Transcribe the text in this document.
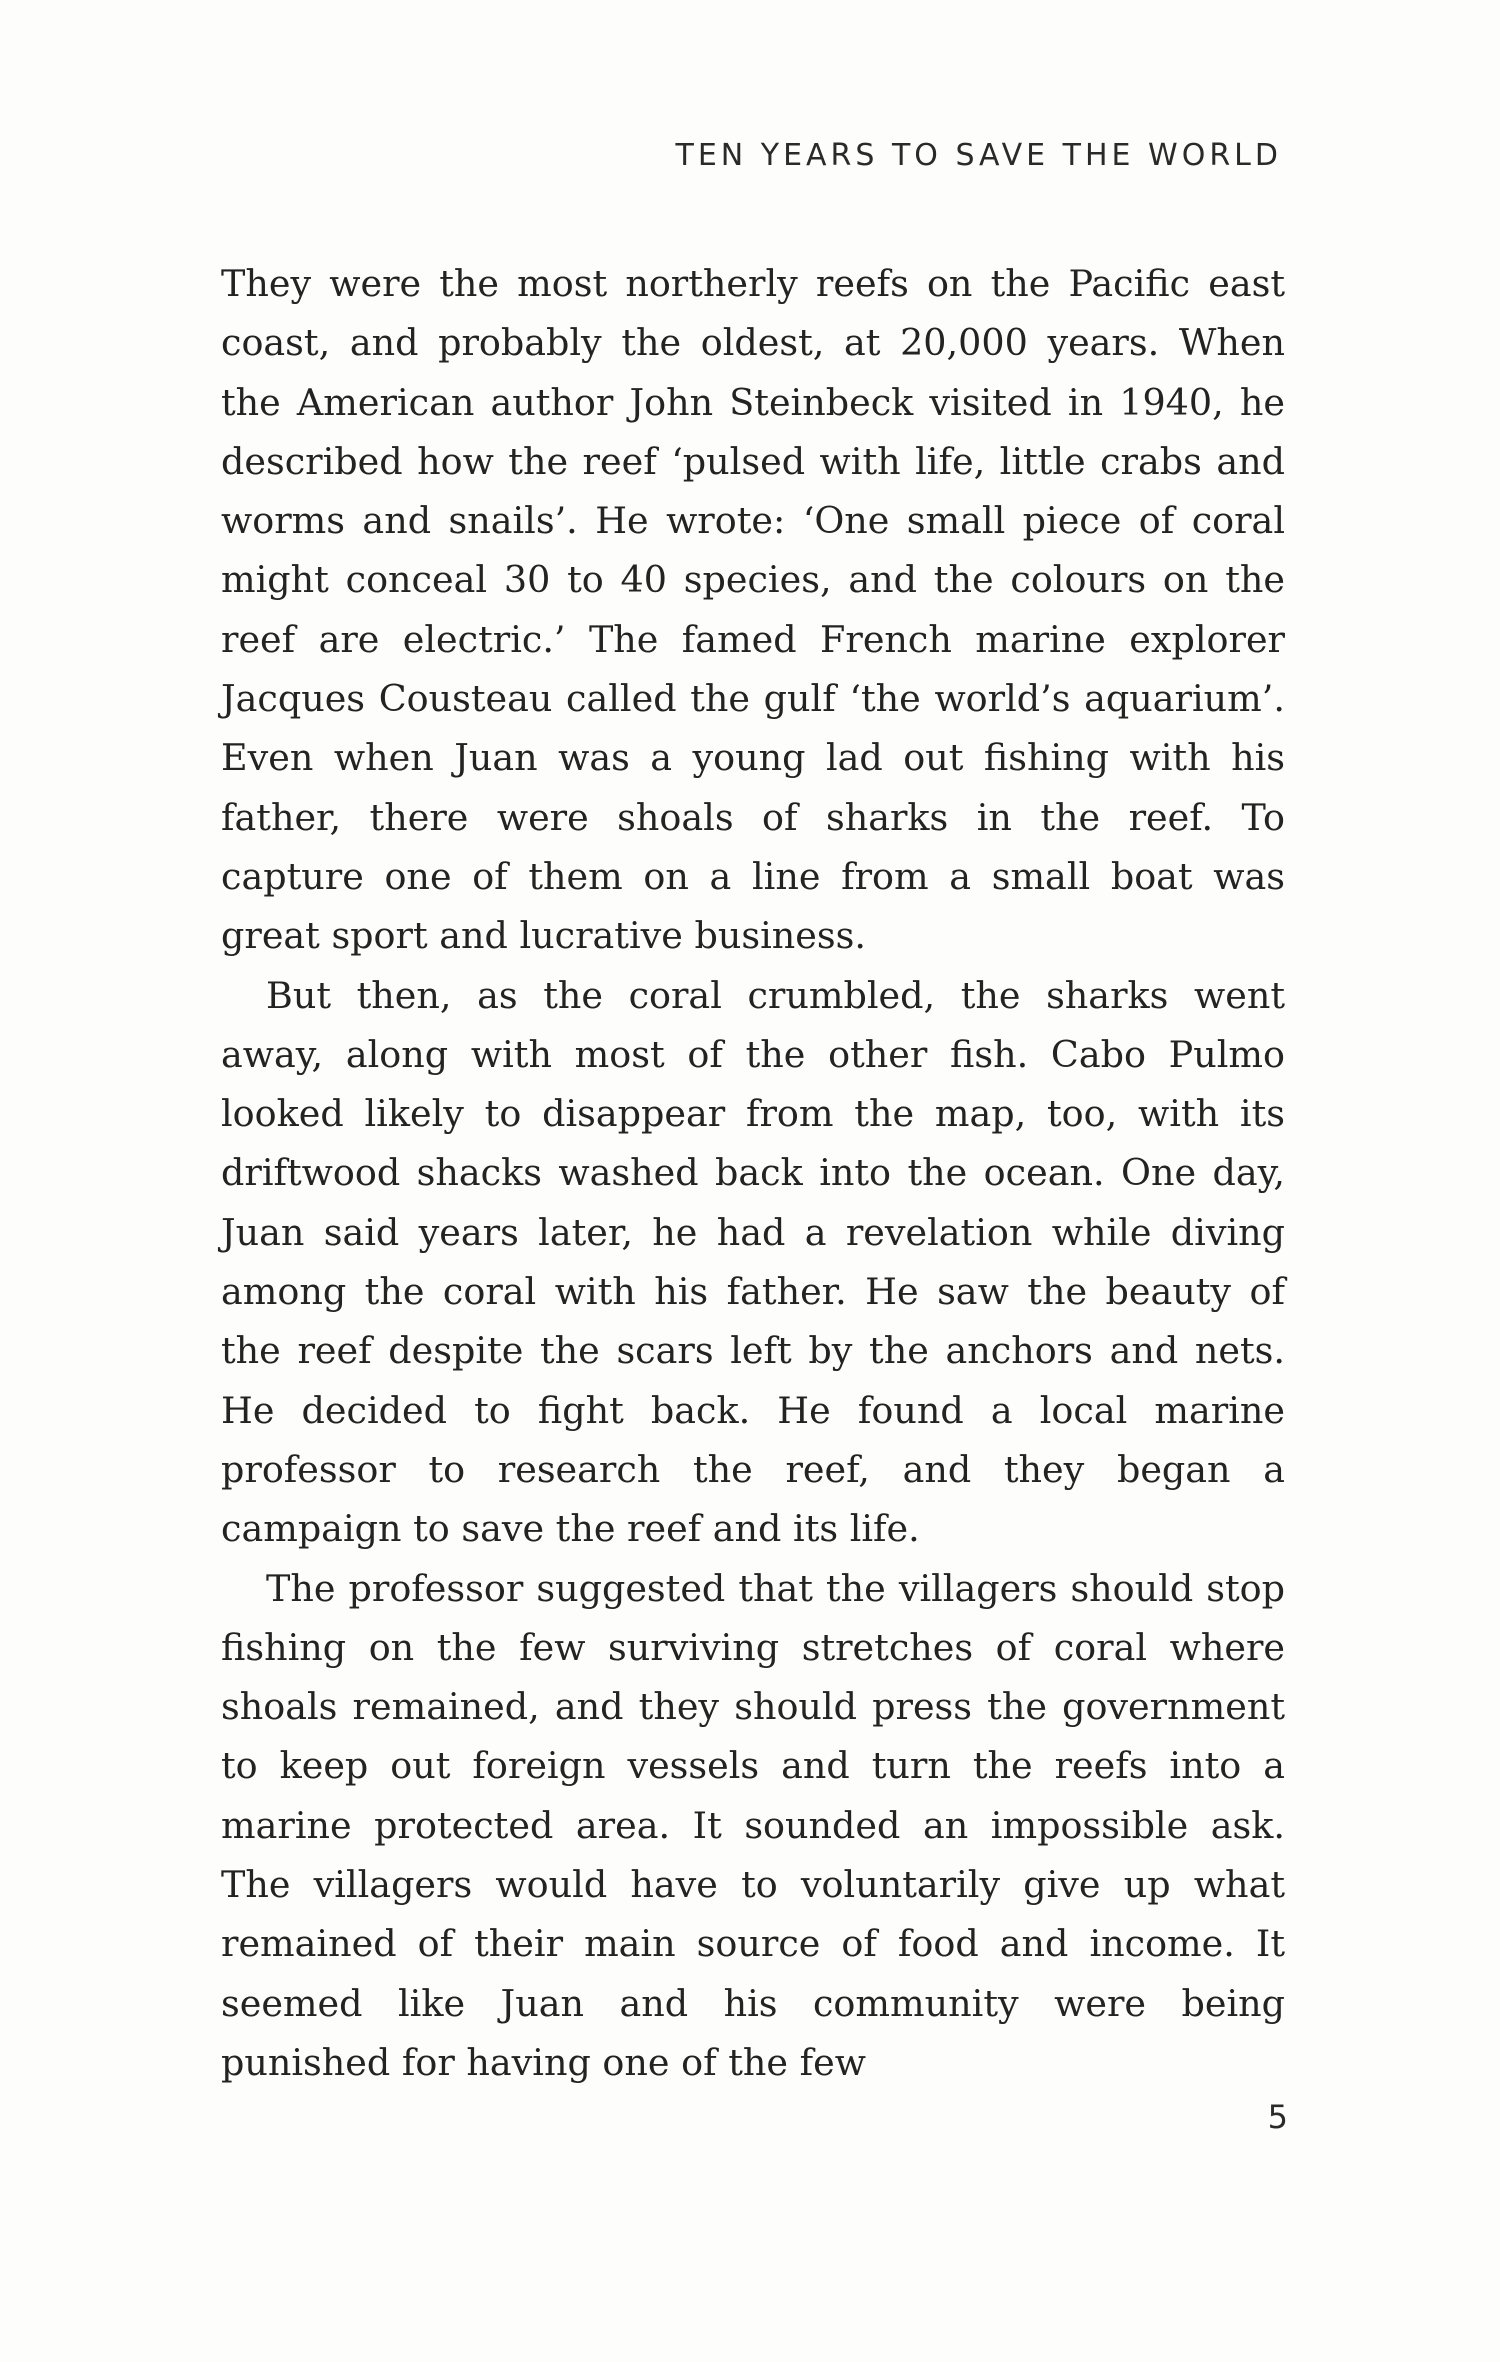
TEN YEARS TO SAVE THE WORLD

They were the most northerly reefs on the Pacific east coast, and probably the oldest, at 20,000 years. When the American author John Steinbeck visited in 1940, he described how the reef ‘pulsed with life, little crabs and worms and snails’. He wrote: ‘One small piece of coral might conceal 30 to 40 species, and the colours on the reef are electric.’ The famed French marine explorer Jacques Cousteau called the gulf ‘the world’s aquarium’. Even when Juan was a young lad out fishing with his father, there were shoals of sharks in the reef. To capture one of them on a line from a small boat was great sport and lucrative business.

But then, as the coral crumbled, the sharks went away, along with most of the other fish. Cabo Pulmo looked likely to disappear from the map, too, with its driftwood shacks washed back into the ocean. One day, Juan said years later, he had a revelation while diving among the coral with his father. He saw the beauty of the reef despite the scars left by the anchors and nets. He decided to fight back. He found a local marine professor to research the reef, and they began a campaign to save the reef and its life.

The professor suggested that the villagers should stop fishing on the few surviving stretches of coral where shoals remained, and they should press the government to keep out foreign vessels and turn the reefs into a marine protected area. It sounded an impossible ask. The villagers would have to voluntarily give up what remained of their main source of food and income. It seemed like Juan and his community were being punished for having one of the few

5
